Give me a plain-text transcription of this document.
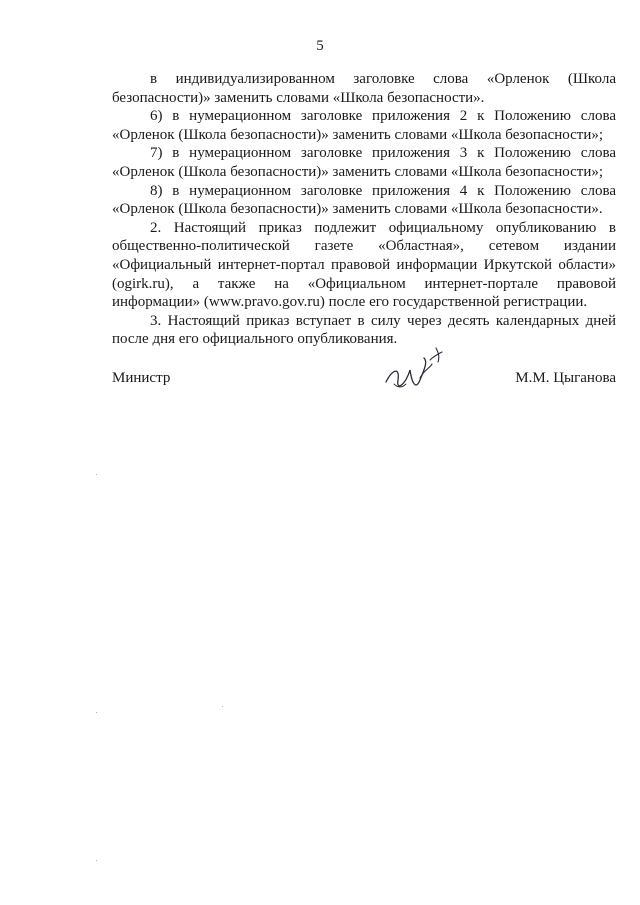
5

в индивидуализированном заголовке слова «Орленок (Школа безопасности)» заменить словами «Школа безопасности».

6) в нумерационном заголовке приложения 2 к Положению слова «Орленок (Школа безопасности)» заменить словами «Школа безопасности»;

7) в нумерационном заголовке приложения 3 к Положению слова «Орленок (Школа безопасности)» заменить словами «Школа безопасности»;

8) в нумерационном заголовке приложения 4 к Положению слова «Орленок (Школа безопасности)» заменить словами «Школа безопасности».

2. Настоящий приказ подлежит официальному опубликованию в общественно-политической газете «Областная», сетевом издании «Официальный интернет-портал правовой информации Иркутской области» (ogirk.ru), а также на «Официальном интернет-портале правовой информации» (www.pravo.gov.ru) после его государственной регистрации.

3. Настоящий приказ вступает в силу через десять календарных дней после дня его официального опубликования.

Министр	М.М. Цыганова
